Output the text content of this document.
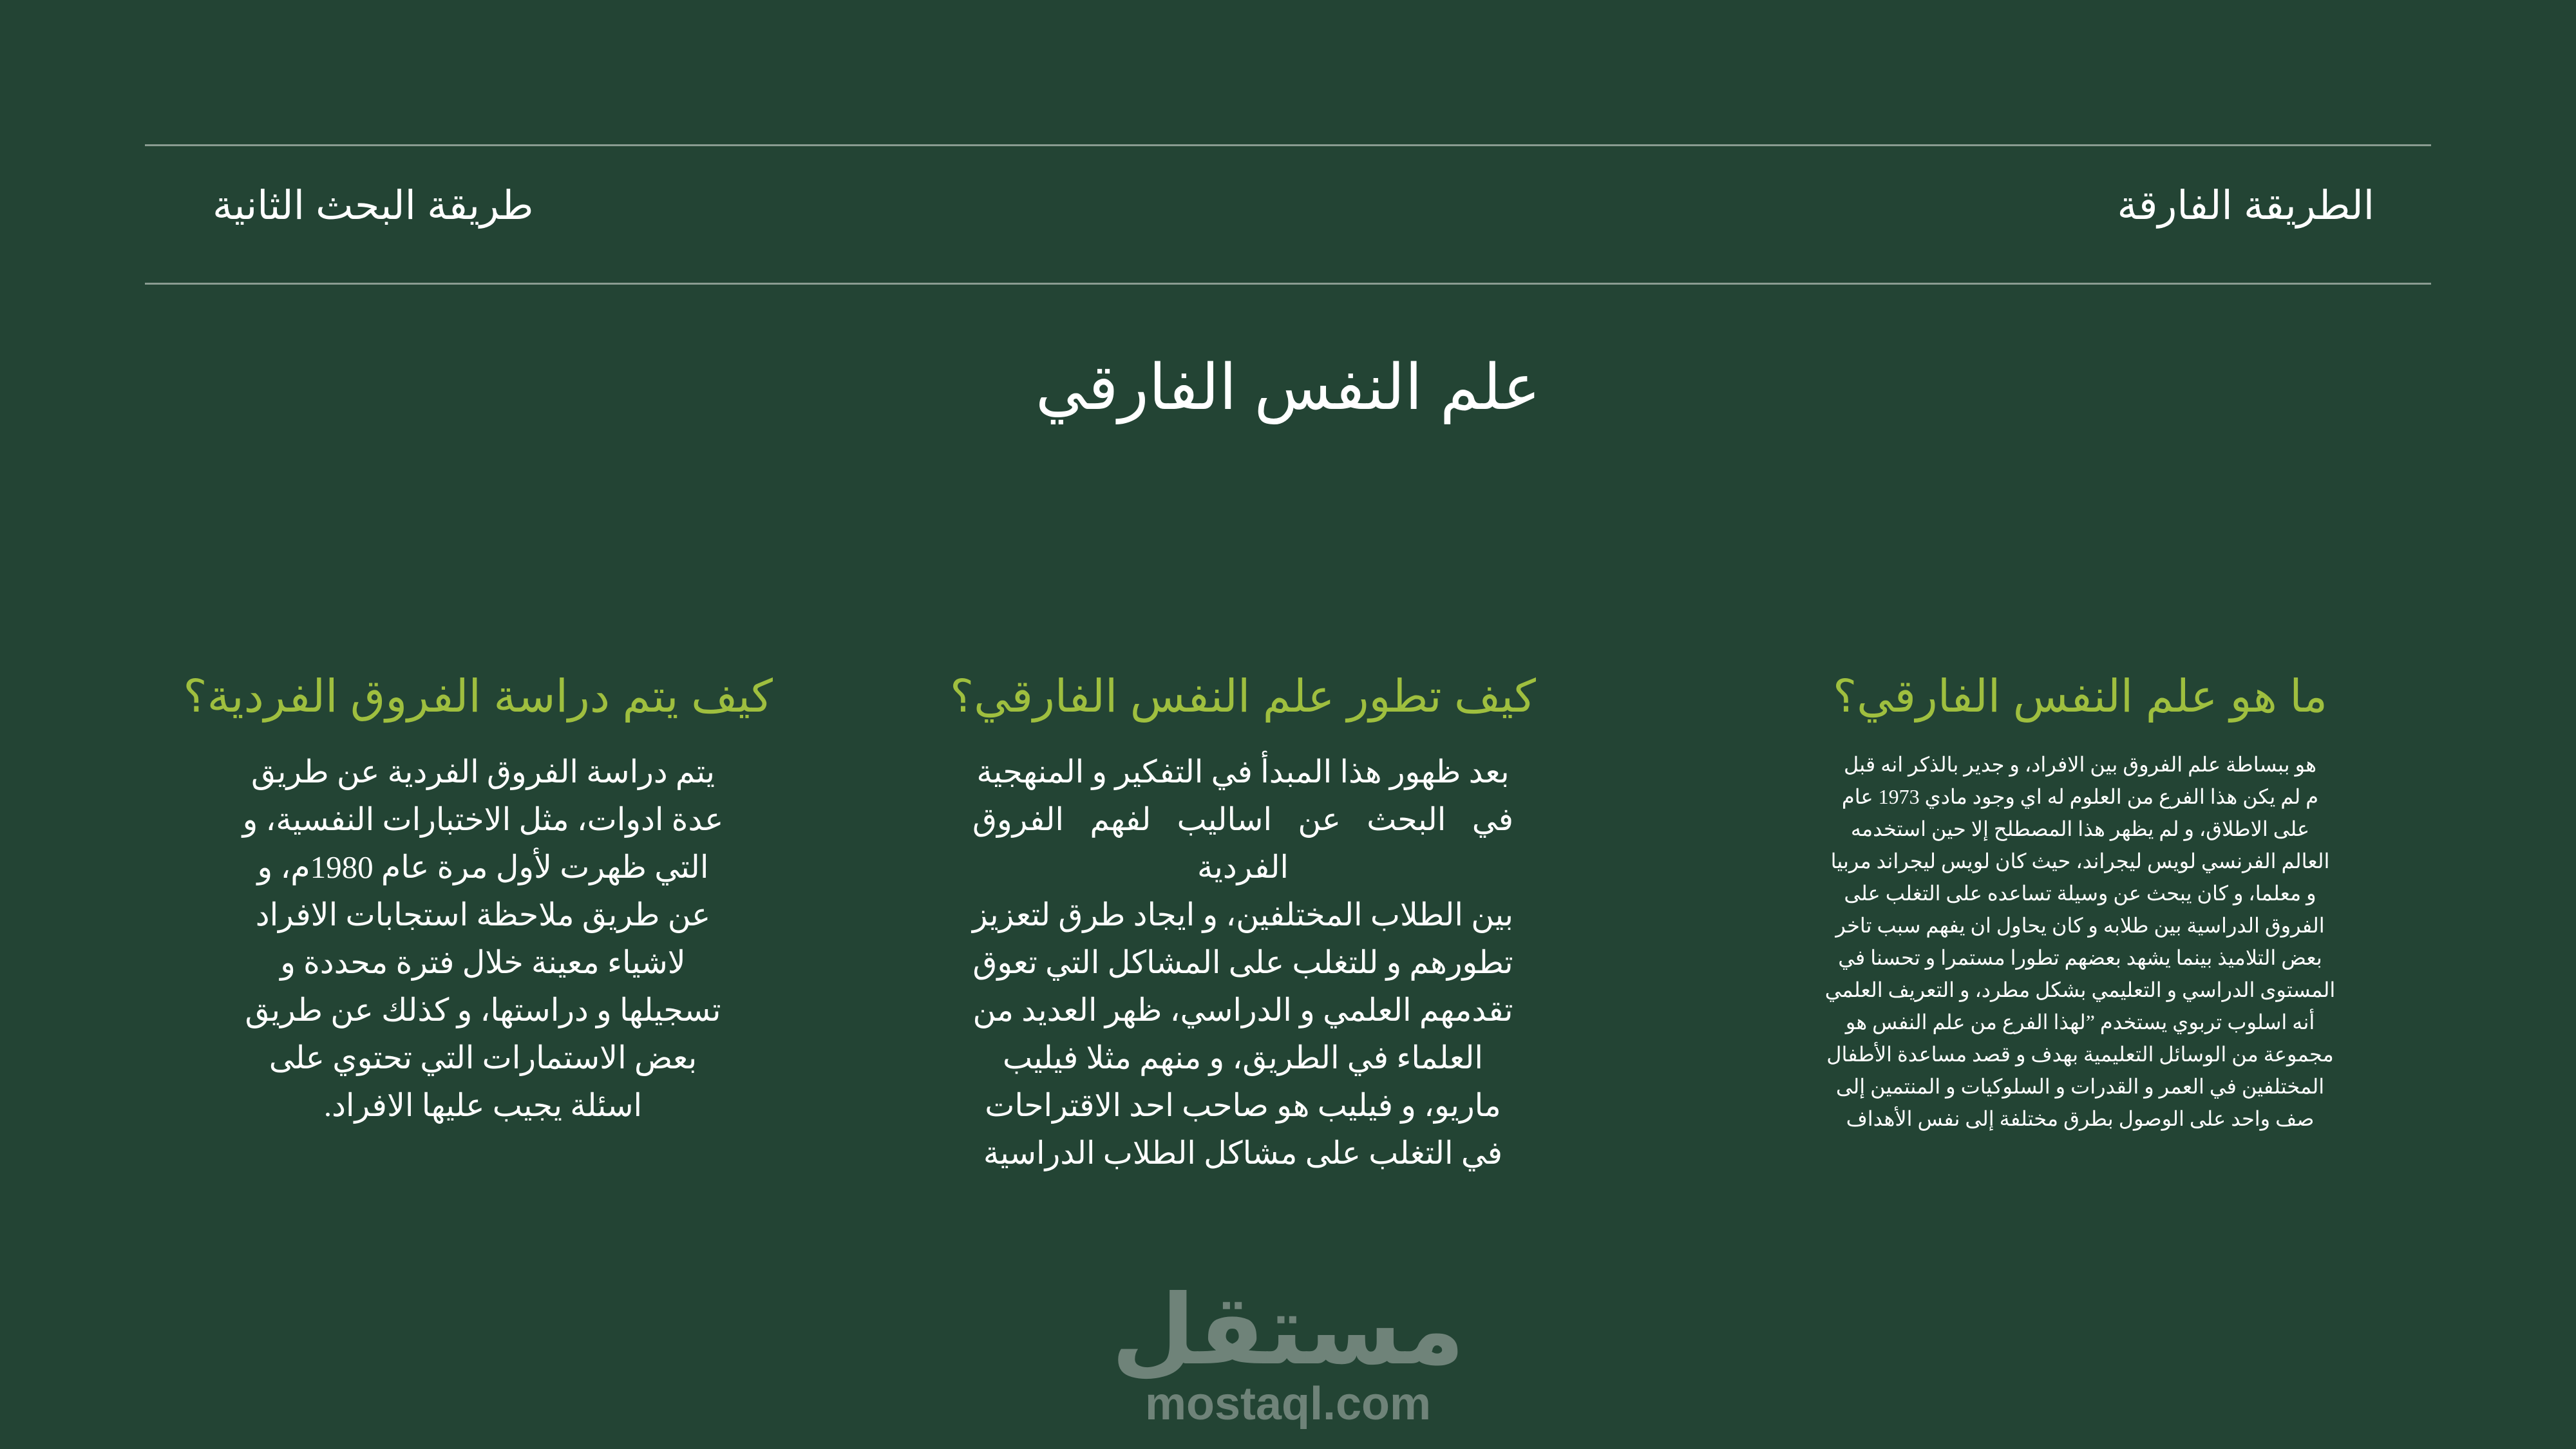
الطريقة الفارقة
طريقة البحث الثانية
علم النفس الفارقي
ما هو علم النفس الفارقي؟

هو ببساطة علم الفروق بين الافراد، و جدير بالذكر انه قبل
م لم يكن هذا الفرع من العلوم له اي وجود مادي 1973 عام
على الاطلاق، و لم يظهر هذا المصطلح إلا حين استخدمه
العالم الفرنسي لويس ليجراند، حيث كان لويس ليجراند مربيا
و معلما، و كان يبحث عن وسيلة تساعده على التغلب على
الفروق الدراسية بين طلابه و كان يحاول ان يفهم سبب تاخر
بعض التلاميذ بينما يشهد بعضهم تطورا مستمرا و تحسنا في
المستوى الدراسي و التعليمي بشكل مطرد، و التعريف العلمي
أنه اسلوب تربوي يستخدم ”لهذا الفرع من علم النفس هو
مجموعة من الوسائل التعليمية بهدف و قصد مساعدة الأطفال
المختلفين في العمر و القدرات و السلوكيات و المنتمين إلى
صف واحد على الوصول بطرق مختلفة إلى نفس الأهداف

كيف تطور علم النفس الفارقي؟

بعد ظهور هذا المبدأ في التفكير و المنهجية
في البحث عن اساليب لفهم الفروق الفردية
بين الطلاب المختلفين، و ايجاد طرق لتعزيز
تطورهم و للتغلب على المشاكل التي تعوق
تقدمهم العلمي و الدراسي، ظهر العديد من
العلماء في الطريق، و منهم مثلا فيليب
ماريو، و فيليب هو صاحب احد الاقتراحات
في التغلب على مشاكل الطلاب الدراسية

كيف يتم دراسة الفروق الفردية؟

يتم دراسة الفروق الفردية عن طريق
عدة ادوات، مثل الاختبارات النفسية، و
التي ظهرت لأول مرة عام 1980م، و
عن طريق ملاحظة استجابات الافراد
لاشياء معينة خلال فترة محددة و
تسجيلها و دراستها، و كذلك عن طريق
بعض الاستمارات التي تحتوي على
اسئلة يجيب عليها الافراد.

مستقل
mostaql.com
